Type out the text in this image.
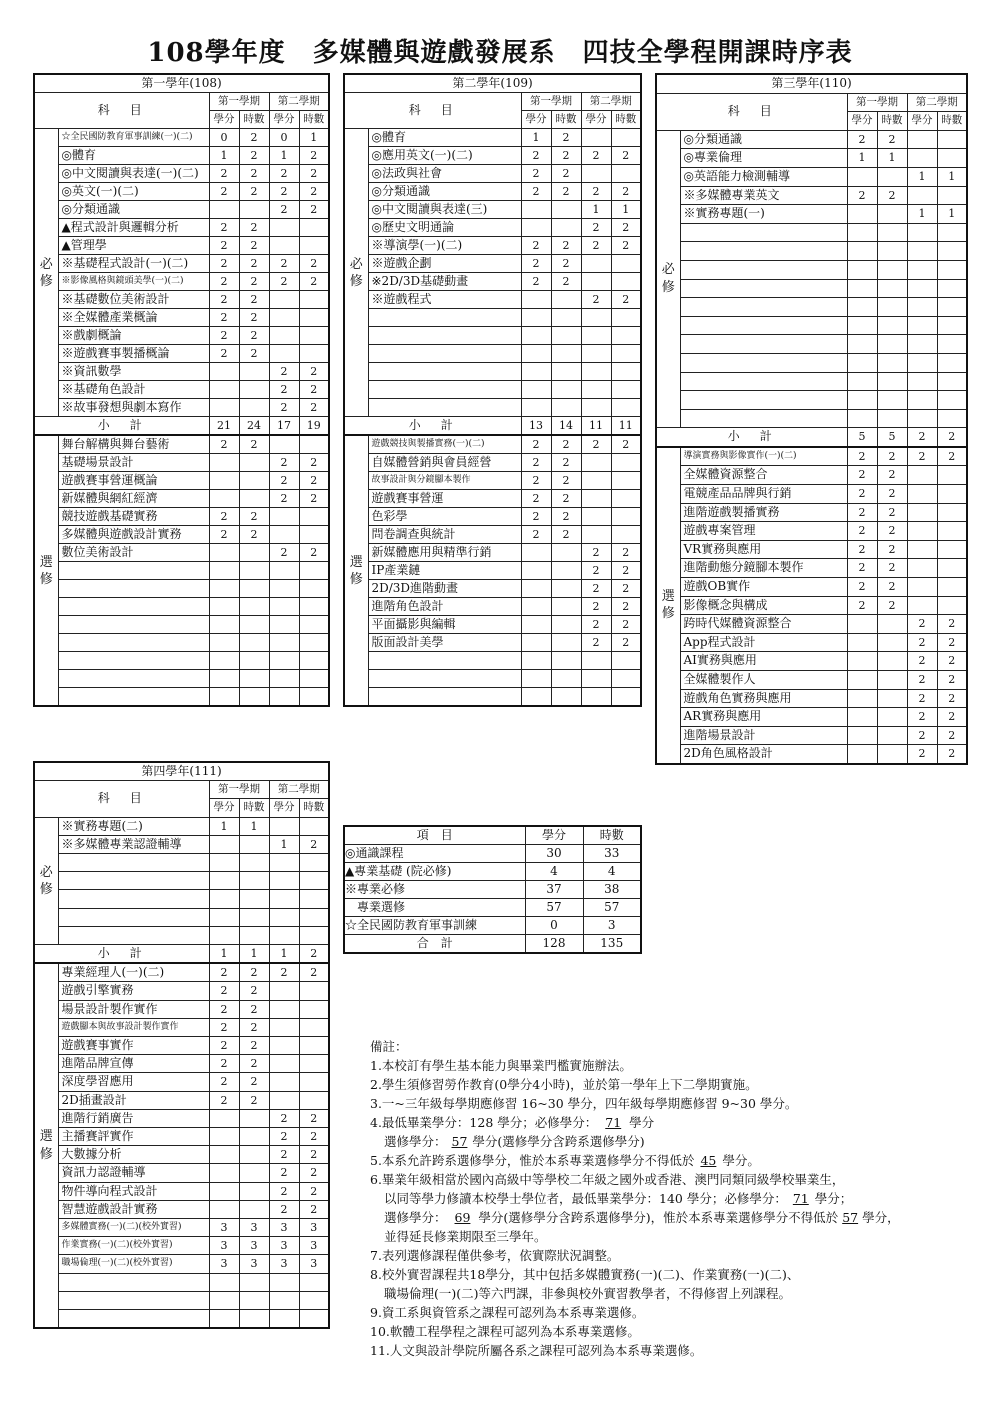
108學年度　多媒體與遊戲發展系　四技全學程開課時序表
第一學年(108)					
科　目		第一學期		第二學期	
		學分	時數	學分	時數
必修	☆全民國防教育軍事訓練(一)(二)	0	2	0	1
	◎體育	1	2	1	2
	◎中文閱讀與表達(一)(二)	2	2	2	2
	◎英文(一)(二)	2	2	2	2
	◎分類通識			2	2
	▲程式設計與邏輯分析	2	2		
	▲管理學	2	2		
	※基礎程式設計(一)(二)	2	2	2	2
	※影像風格與鏡頭美學(一)(二)	2	2	2	2
	※基礎數位美術設計	2	2		
	※全媒體產業概論	2	2		
	※戲劇概論	2	2		
	※遊戲賽事製播概論	2	2		
	※資訊數學			2	2
	※基礎角色設計			2	2
	※故事發想與劇本寫作			2	2
小　計		21	24	17	19
選修	舞台解構與舞台藝術	2	2		
	基礎場景設計			2	2
	遊戲賽事營運概論			2	2
	新媒體與網紅經濟			2	2
	競技遊戲基礎實務	2	2		
	多媒體與遊戲設計實務	2	2		
	數位美術設計			2	2

第二學年(109)					
科　目		第一學期		第二學期	
		學分	時數	學分	時數
必修	◎體育	1	2		
	◎應用英文(一)(二)	2	2	2	2
	◎法政與社會	2	2		
	◎分類通識	2	2	2	2
	◎中文閱讀與表達(三)			1	1
	◎歷史文明通論			2	2
	※導演學(一)(二)	2	2	2	2
	※遊戲企劃	2	2		
	※2D/3D基礎動畫	2	2		
	※遊戲程式			2	2

小　計		13	14	11	11
選修	遊戲競技與製播實務(一)(二)	2	2	2	2
	自媒體營銷與會員經營	2	2		
	故事設計與分鏡腳本製作	2	2		
	遊戲賽事營運	2	2		
	色彩學	2	2		
	問卷調查與統計	2	2		
	新媒體應用與精準行銷			2	2
	IP產業鏈			2	2
	2D/3D進階動畫			2	2
	進階角色設計			2	2
	平面攝影與編輯			2	2
	版面設計美學			2	2

第三學年(110)					
科　目		第一學期		第二學期	
		學分	時數	學分	時數
必修	◎分類通識	2	2		
	◎專業倫理	1	1		
	◎英語能力檢測輔導			1	1
	※多媒體專業英文	2	2		
	※實務專題(一)			1	1

小　計		5	5	2	2
選修	導演實務與影像實作(一)(二)	2	2	2	2
	全媒體資源整合	2	2		
	電競產品品牌與行銷	2	2		
	進階遊戲製播實務	2	2		
	遊戲專案管理	2	2		
	VR實務與應用	2	2		
	進階動態分鏡腳本製作	2	2		
	遊戲OB實作	2	2		
	影像概念與構成	2	2		
	跨時代媒體資源整合			2	2
	App程式設計			2	2
	AI實務與應用			2	2
	全媒體製作人			2	2
	遊戲角色實務與應用			2	2
	AR實務與應用			2	2
	進階場景設計			2	2
	2D角色風格設計			2	2
第四學年(111)					
科　目		第一學期		第二學期	
		學分	時數	學分	時數
必修	※實務專題(二)	1	1		
	※多媒體專業認證輔導			1	2

小　計		1	1	1	2
選修	專業經理人(一)(二)	2	2	2	2
	遊戲引擎實務	2	2		
	場景設計製作實作	2	2		
	遊戲腳本與故事設計製作實作	2	2		
	遊戲賽事實作	2	2		
	進階品牌宣傳	2	2		
	深度學習應用	2	2		
	2D插畫設計	2	2		
	進階行銷廣告			2	2
	主播賽評實作			2	2
	大數據分析			2	2
	資訊力認證輔導			2	2
	物件導向程式設計			2	2
	智慧遊戲設計實務			2	2
	多媒體實務(一)(二)(校外實習)	3	3	3	3
	作業實務(一)(二)(校外實習)	3	3	3	3
	職場倫理(一)(二)(校外實習)	3	3	3	3

項　目	學分	時數
◎通識課程	30	33
▲專業基礎 (院必修)	4	4
※專業必修	37	38
　專業選修	57	57
☆全民國防教育軍事訓練	0	3
合　計	128	135
備註：
1.本校訂有學生基本能力與畢業門檻實施辦法。
2.學生須修習勞作教育(0學分4小時)，並於第一學年上下二學期實施。
3.一~三年級每學期應修習 16~30 學分，四年級每學期應修習 9~30 學分。
4.最低畢業學分：128 學分；必修學分： 71 學分
選修學分： 57 學分(選修學分含跨系選修學分)
5.本系允許跨系選修學分，惟於本系專業選修學分不得低於 45 學分。
6.畢業年級相當於國內高級中等學校二年級之國外或香港、澳門同類同級學校畢業生，
以同等學力修讀本校學士學位者，最低畢業學分：140 學分；必修學分： 71 學分；
選修學分： 69 學分(選修學分含跨系選修學分)，惟於本系專業選修學分不得低於 57 學分，
並得延長修業期限至三學年。
7.表列選修課程僅供參考，依實際狀況調整。
8.校外實習課程共18學分，其中包括多媒體實務(一)(二)、作業實務(一)(二)、
職場倫理(一)(二)等六門課，非參與校外實習教學者，不得修習上列課程。
9.資工系與資管系之課程可認列為本系專業選修。
10.軟體工程學程之課程可認列為本系專業選修。
11.人文與設計學院所屬各系之課程可認列為本系專業選修。
